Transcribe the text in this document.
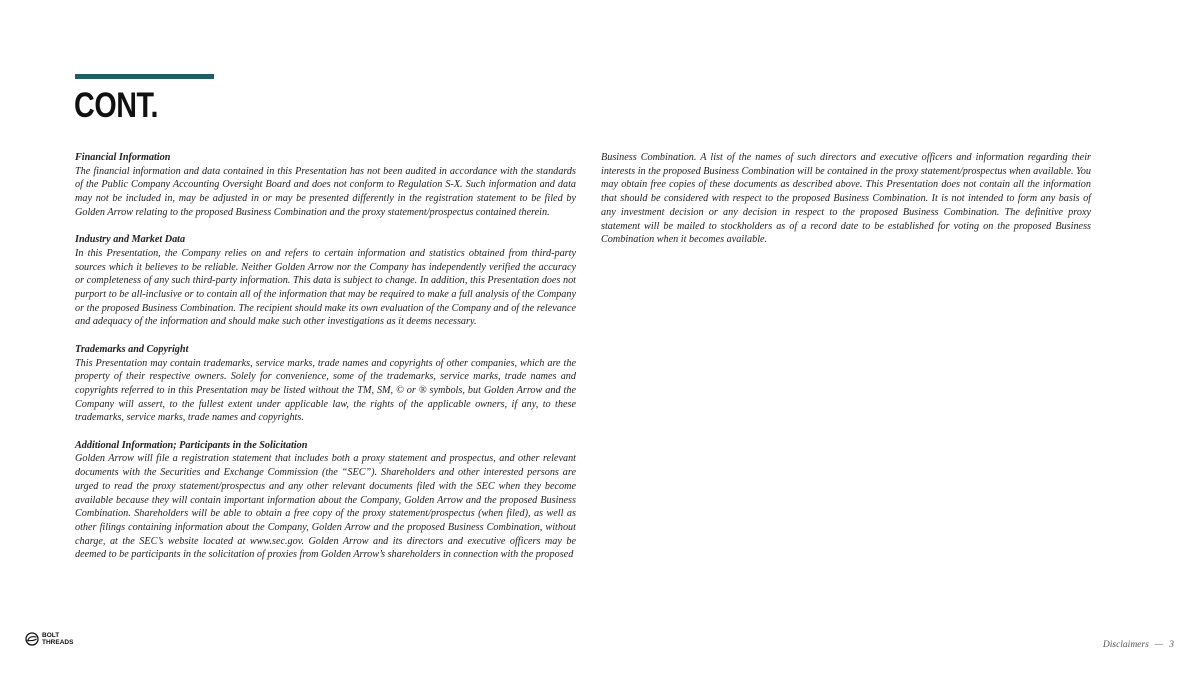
CONT.
Financial Information

The financial information and data contained in this Presentation has not been audited in accordance with the standards of the Public Company Accounting Oversight Board and does not conform to Regulation S-X. Such information and data may not be included in, may be adjusted in or may be presented differently in the registration statement to be filed by Golden Arrow relating to the proposed Business Combination and the proxy statement/prospectus contained therein.

Industry and Market Data

In this Presentation, the Company relies on and refers to certain information and statistics obtained from third-party sources which it believes to be reliable. Neither Golden Arrow nor the Company has independently verified the accuracy or completeness of any such third-party information. This data is subject to change. In addition, this Presentation does not purport to be all-inclusive or to contain all of the information that may be required to make a full analysis of the Company or the proposed Business Combination. The recipient should make its own evaluation of the Company and of the relevance and adequacy of the information and should make such other investigations as it deems necessary.

Trademarks and Copyright

This Presentation may contain trademarks, service marks, trade names and copyrights of other companies, which are the property of their respective owners. Solely for convenience, some of the trademarks, service marks, trade names and copyrights referred to in this Presentation may be listed without the TM, SM, © or ® symbols, but Golden Arrow and the Company will assert, to the fullest extent under applicable law, the rights of the applicable owners, if any, to these trademarks, service marks, trade names and copyrights.

Additional Information; Participants in the Solicitation

Golden Arrow will file a registration statement that includes both a proxy statement and prospectus, and other relevant documents with the Securities and Exchange Commission (the “SEC”). Shareholders and other interested persons are urged to read the proxy statement/prospectus and any other relevant documents filed with the SEC when they become available because they will contain important information about the Company, Golden Arrow and the proposed Business Combination. Shareholders will be able to obtain a free copy of the proxy statement/prospectus (when filed), as well as other filings containing information about the Company, Golden Arrow and the proposed Business Combination, without charge, at the SEC’s website located at www.sec.gov. Golden Arrow and its directors and executive officers may be deemed to be participants in the solicitation of proxies from Golden Arrow’s shareholders in connection with the proposed

Business Combination. A list of the names of such directors and executive officers and information regarding their interests in the proposed Business Combination will be contained in the proxy statement/prospectus when available. You may obtain free copies of these documents as described above. This Presentation does not contain all the information that should be considered with respect to the proposed Business Combination. It is not intended to form any basis of any investment decision or any decision in respect to the proposed Business Combination. The definitive proxy statement will be mailed to stockholders as of a record date to be established for voting on the proposed Business Combination when it becomes available.

BOLT
THREADS	Disclaimers — 3
